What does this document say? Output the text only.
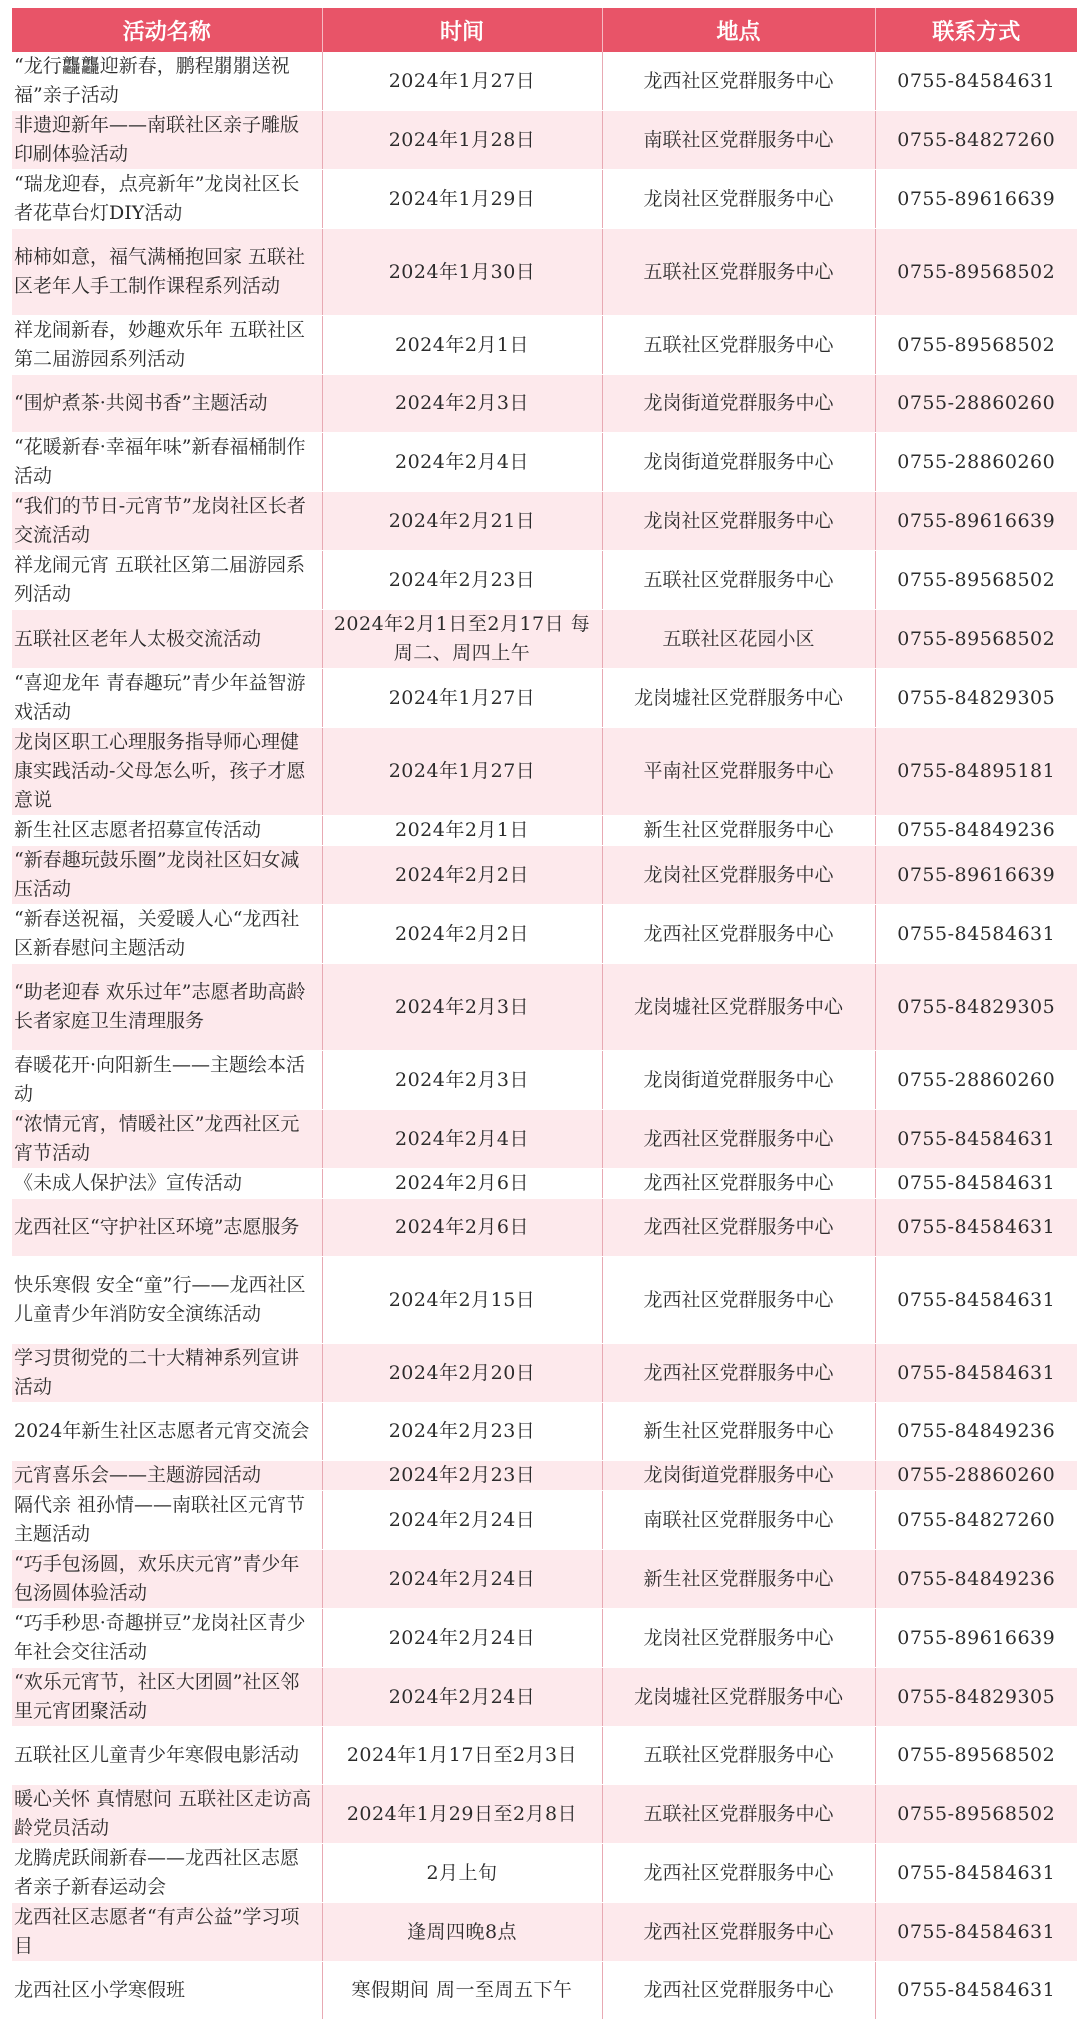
活动名称	时间	地点	联系方式
“龙行龘龘迎新春，鹏程朤朤送祝福”亲子活动	2024年1月27日	龙西社区党群服务中心	0755-84584631
非遗迎新年——南联社区亲子雕版印刷体验活动	2024年1月28日	南联社区党群服务中心	0755-84827260
“瑞龙迎春，点亮新年”龙岗社区长者花草台灯DIY活动	2024年1月29日	龙岗社区党群服务中心	0755-89616639
柿柿如意，福气满桶抱回家 五联社区老年人手工制作课程系列活动	2024年1月30日	五联社区党群服务中心	0755-89568502
祥龙闹新春，妙趣欢乐年 五联社区第二届游园系列活动	2024年2月1日	五联社区党群服务中心	0755-89568502
“围炉煮茶·共阅书香”主题活动	2024年2月3日	龙岗街道党群服务中心	0755-28860260
“花暖新春·幸福年味”新春福桶制作活动	2024年2月4日	龙岗街道党群服务中心	0755-28860260
“我们的节日-元宵节”龙岗社区长者交流活动	2024年2月21日	龙岗社区党群服务中心	0755-89616639
祥龙闹元宵 五联社区第二届游园系列活动	2024年2月23日	五联社区党群服务中心	0755-89568502
五联社区老年人太极交流活动	2024年2月1日至2月17日 每周二、周四上午	五联社区花园小区	0755-89568502
“喜迎龙年 青春趣玩”青少年益智游戏活动	2024年1月27日	龙岗墟社区党群服务中心	0755-84829305
龙岗区职工心理服务指导师心理健康实践活动-父母怎么听，孩子才愿意说	2024年1月27日	平南社区党群服务中心	0755-84895181
新生社区志愿者招募宣传活动	2024年2月1日	新生社区党群服务中心	0755-84849236
“新春趣玩鼓乐圈”龙岗社区妇女减压活动	2024年2月2日	龙岗社区党群服务中心	0755-89616639
“新春送祝福，关爱暖人心“龙西社区新春慰问主题活动	2024年2月2日	龙西社区党群服务中心	0755-84584631
“助老迎春 欢乐过年”志愿者助高龄长者家庭卫生清理服务	2024年2月3日	龙岗墟社区党群服务中心	0755-84829305
春暖花开·向阳新生——主题绘本活动	2024年2月3日	龙岗街道党群服务中心	0755-28860260
“浓情元宵，情暖社区”龙西社区元宵节活动	2024年2月4日	龙西社区党群服务中心	0755-84584631
《未成人保护法》宣传活动	2024年2月6日	龙西社区党群服务中心	0755-84584631
龙西社区“守护社区环境”志愿服务	2024年2月6日	龙西社区党群服务中心	0755-84584631
快乐寒假 安全“童”行——龙西社区儿童青少年消防安全演练活动	2024年2月15日	龙西社区党群服务中心	0755-84584631
学习贯彻党的二十大精神系列宣讲活动	2024年2月20日	龙西社区党群服务中心	0755-84584631
2024年新生社区志愿者元宵交流会	2024年2月23日	新生社区党群服务中心	0755-84849236
元宵喜乐会——主题游园活动	2024年2月23日	龙岗街道党群服务中心	0755-28860260
隔代亲 祖孙情——南联社区元宵节主题活动	2024年2月24日	南联社区党群服务中心	0755-84827260
“巧手包汤圆，欢乐庆元宵”青少年包汤圆体验活动	2024年2月24日	新生社区党群服务中心	0755-84849236
“巧手秒思·奇趣拼豆”龙岗社区青少年社会交往活动	2024年2月24日	龙岗社区党群服务中心	0755-89616639
“欢乐元宵节，社区大团圆”社区邻里元宵团聚活动	2024年2月24日	龙岗墟社区党群服务中心	0755-84829305
五联社区儿童青少年寒假电影活动	2024年1月17日至2月3日	五联社区党群服务中心	0755-89568502
暖心关怀 真情慰问 五联社区走访高龄党员活动	2024年1月29日至2月8日	五联社区党群服务中心	0755-89568502
龙腾虎跃闹新春——龙西社区志愿者亲子新春运动会	2月上旬	龙西社区党群服务中心	0755-84584631
龙西社区志愿者“有声公益”学习项目	逢周四晚8点	龙西社区党群服务中心	0755-84584631
龙西社区小学寒假班	寒假期间 周一至周五下午	龙西社区党群服务中心	0755-84584631
